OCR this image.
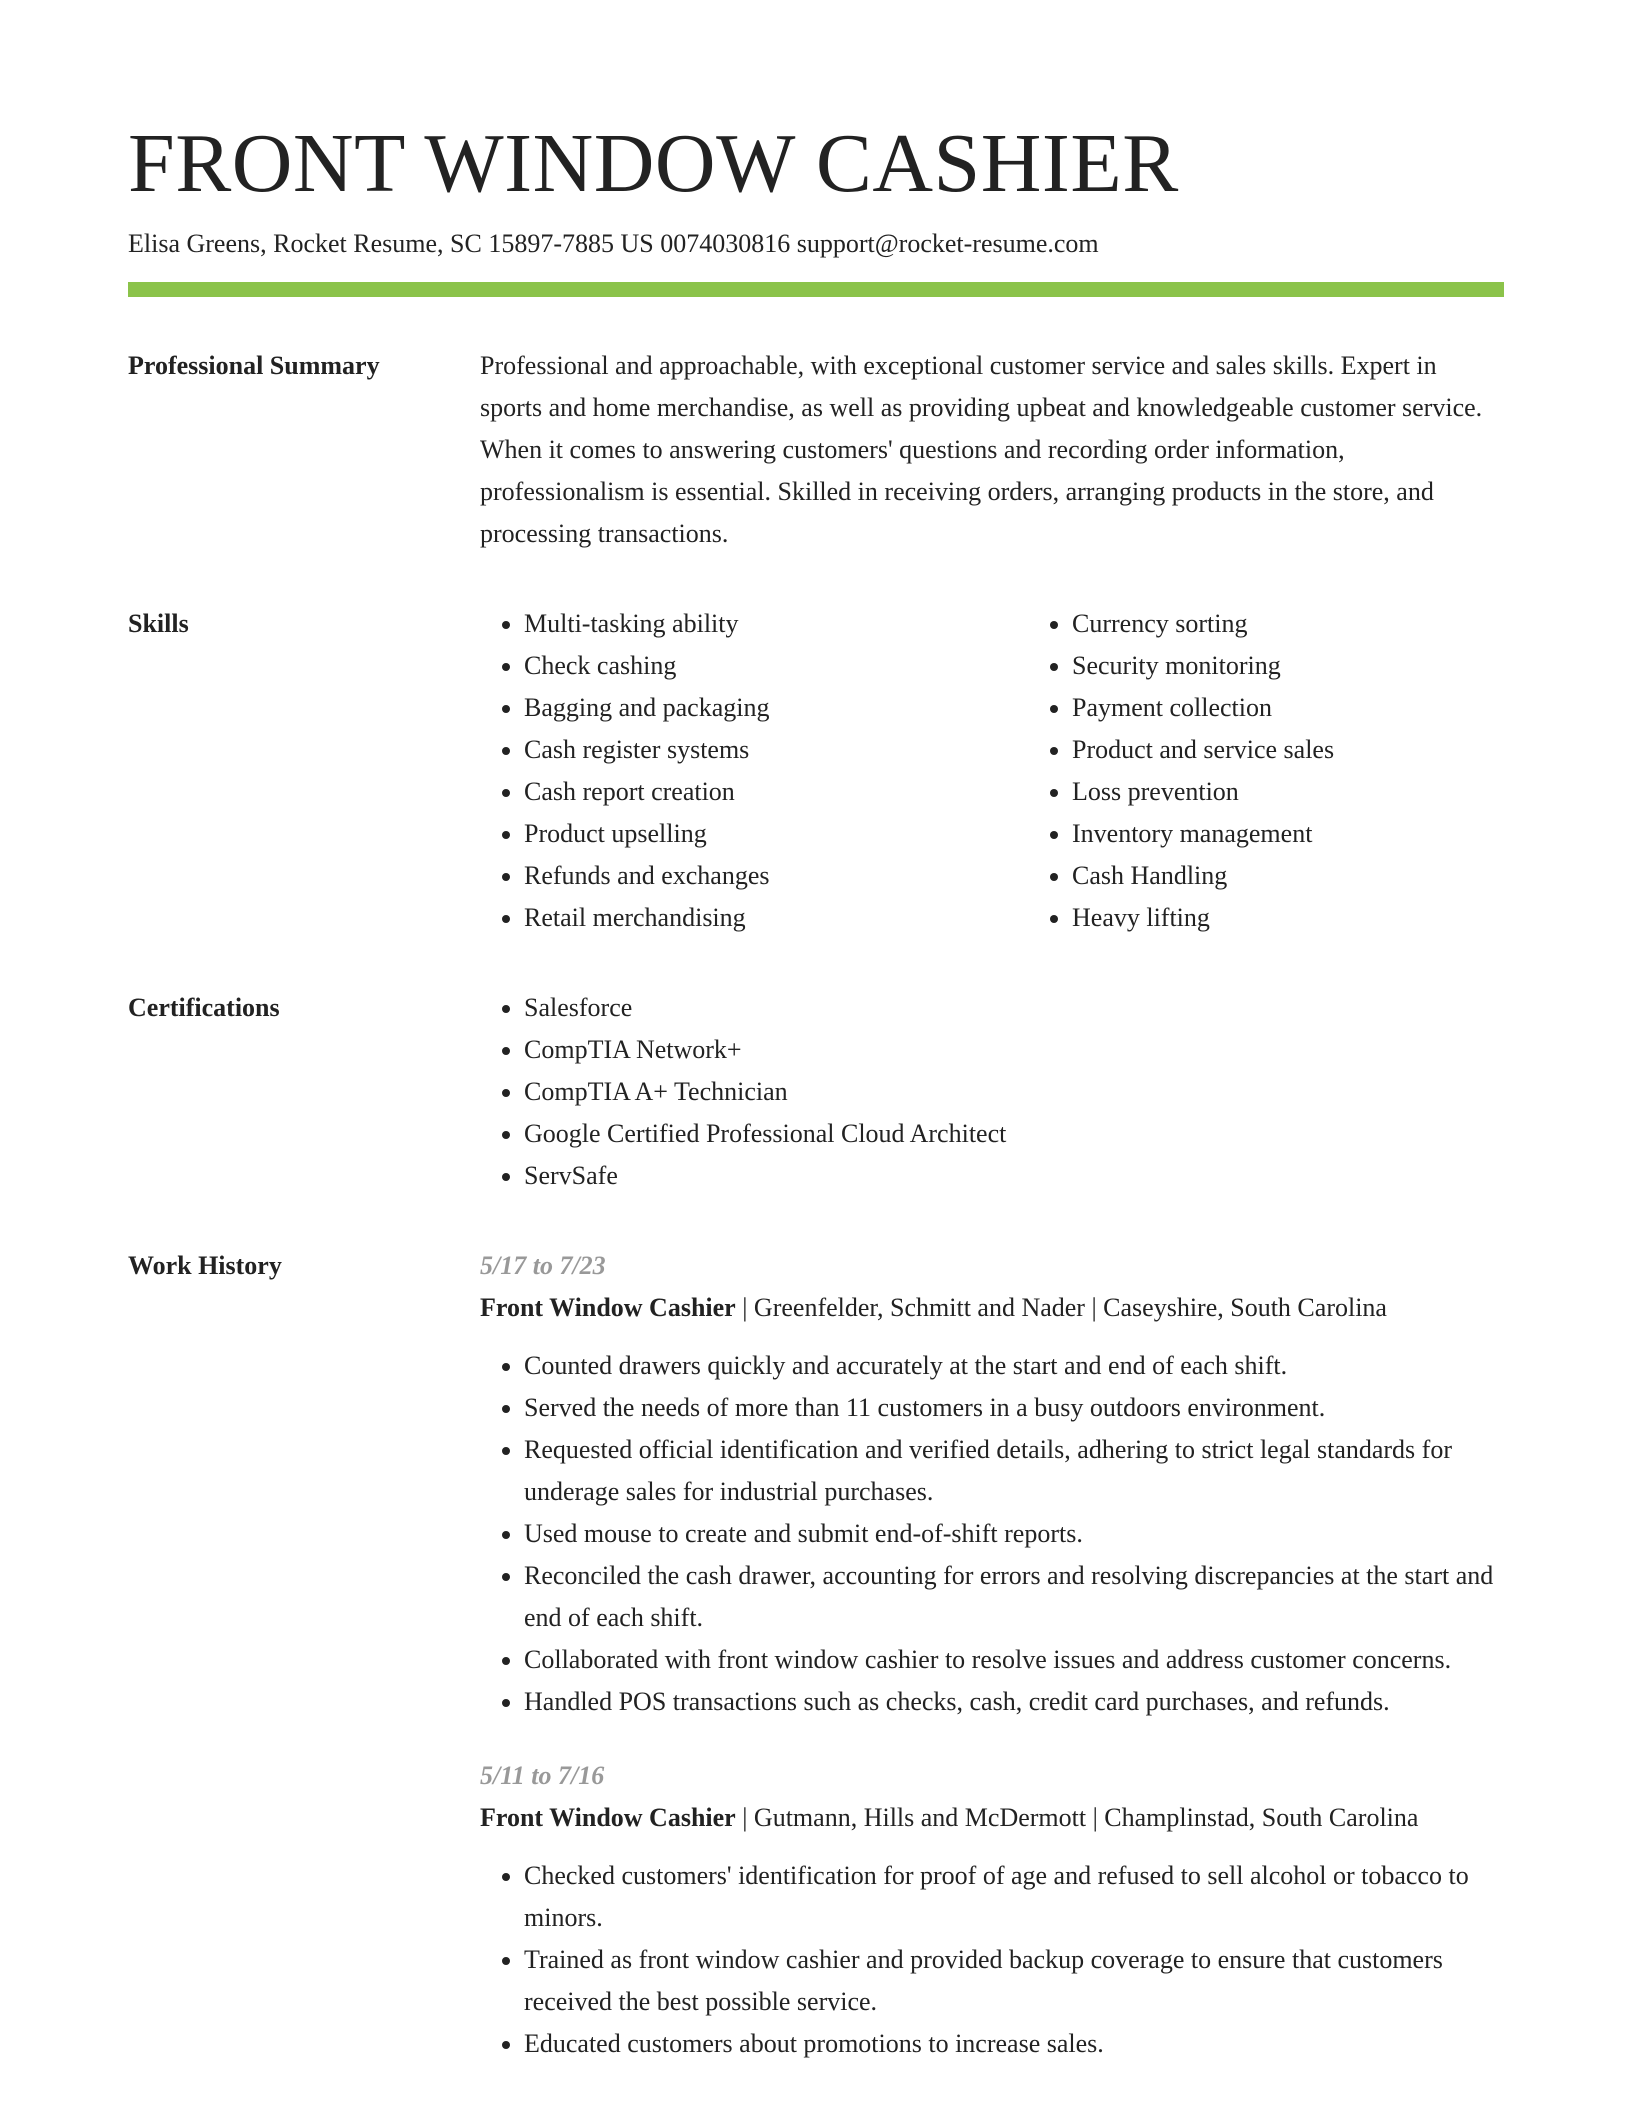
FRONT WINDOW CASHIER
Elisa Greens, Rocket Resume, SC 15897-7885 US 0074030816 support@rocket-resume.com
Professional Summary	Professional and approachable, with exceptional customer service and sales skills. Expert in sports and home merchandise, as well as providing upbeat and knowledgeable customer service. When it comes to answering customers' questions and recording order information, professionalism is essential. Skilled in receiving orders, arranging products in the store, and processing transactions.

Skills	• Multi-tasking ability
• Check cashing
• Bagging and packaging
• Cash register systems
• Cash report creation
• Product upselling
• Refunds and exchanges
• Retail merchandising
• Currency sorting
• Security monitoring
• Payment collection
• Product and service sales
• Loss prevention
• Inventory management
• Cash Handling
• Heavy lifting
Certifications	• Salesforce
• CompTIA Network+
• CompTIA A+ Technician
• Google Certified Professional Cloud Architect
• ServSafe
Work History	5/17 to 7/23
Front Window Cashier | Greenfelder, Schmitt and Nader | Caseyshire, South Carolina
• Counted drawers quickly and accurately at the start and end of each shift.
• Served the needs of more than 11 customers in a busy outdoors environment.
• Requested official identification and verified details, adhering to strict legal standards for underage sales for industrial purchases.
• Used mouse to create and submit end-of-shift reports.
• Reconciled the cash drawer, accounting for errors and resolving discrepancies at the start and end of each shift.
• Collaborated with front window cashier to resolve issues and address customer concerns.
• Handled POS transactions such as checks, cash, credit card purchases, and refunds.
5/11 to 7/16
Front Window Cashier | Gutmann, Hills and McDermott | Champlinstad, South Carolina
• Checked customers' identification for proof of age and refused to sell alcohol or tobacco to minors.
• Trained as front window cashier and provided backup coverage to ensure that customers received the best possible service.
• Educated customers about promotions to increase sales.
